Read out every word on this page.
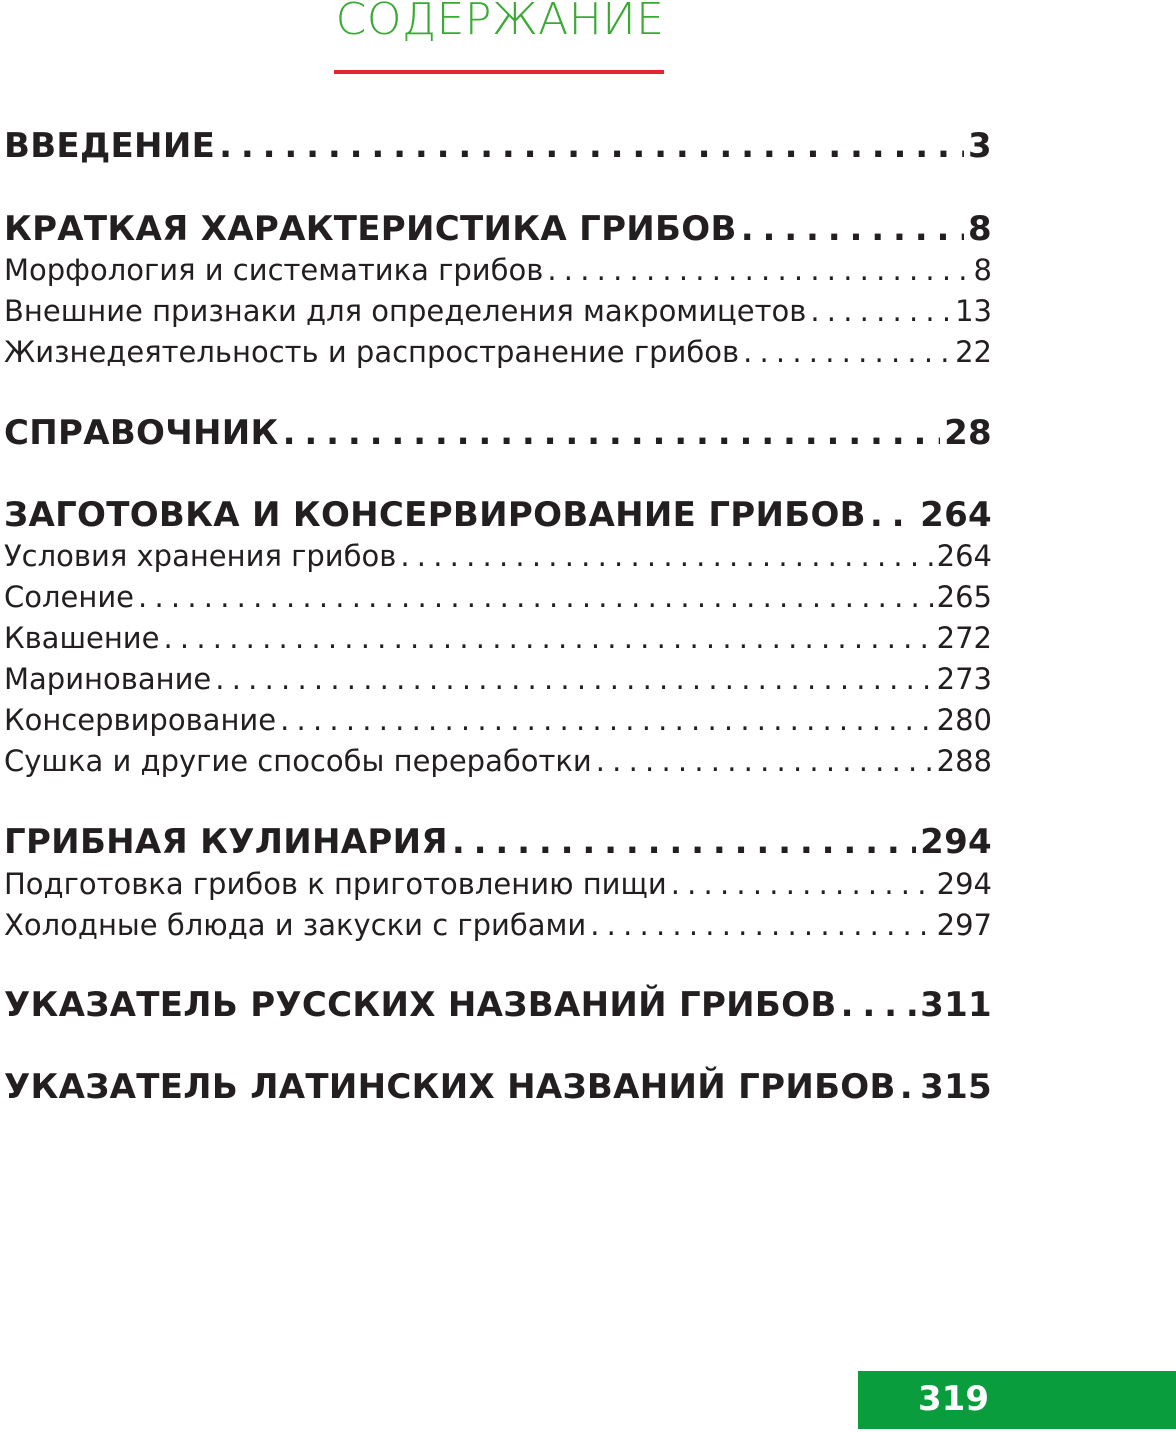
СОДЕРЖАНИЕ
ВВЕДЕНИЕ . . .	3
КРАТКАЯ ХАРАКТЕРИСТИКА ГРИБОВ . . .	8
Морфология и систематика грибов . . .	8
Внешние признаки для определения макромицетов . . .	13
Жизнедеятельность и распространение грибов . . .	22
СПРАВОЧНИК . . .	28
ЗАГОТОВКА И КОНСЕРВИРОВАНИЕ ГРИБОВ . . . 264
Условия хранения грибов . . .	264
Соление . . .	265
Квашение . . .	272
Маринование . . .	273
Консервирование . . .	280
Сушка и другие способы переработки . . .	288
ГРИБНАЯ КУЛИНАРИЯ . . .	294
Подготовка грибов к приготовлению пищи . . .	294
Холодные блюда и закуски с грибами . . .	297
УКАЗАТЕЛЬ РУССКИХ НАЗВАНИЙ ГРИБОВ . . . 311
УКАЗАТЕЛЬ ЛАТИНСКИХ НАЗВАНИЙ ГРИБОВ . . . 315
319
